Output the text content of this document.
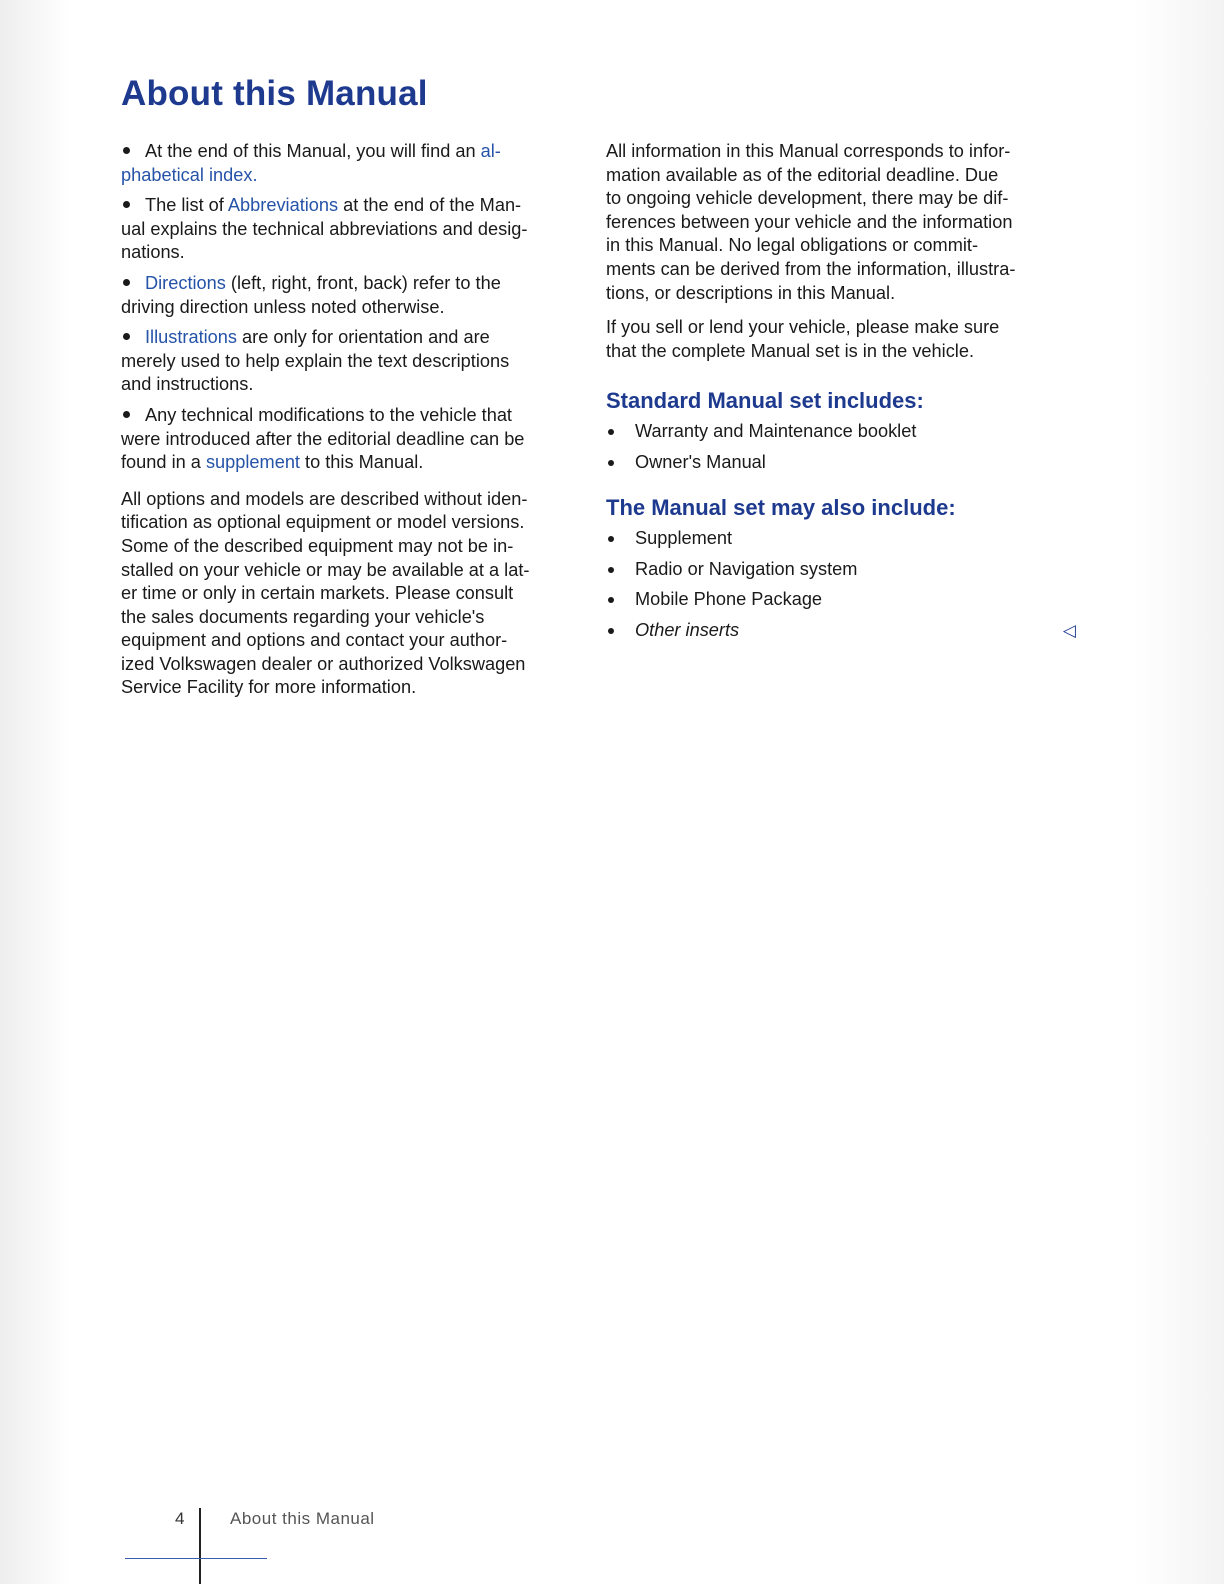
About this Manual

At the end of this Manual, you will find an al-
phabetical index.

The list of Abbreviations at the end of the Man-
ual explains the technical abbreviations and desig-
nations.

Directions (left, right, front, back) refer to the
driving direction unless noted otherwise.

Illustrations are only for orientation and are
merely used to help explain the text descriptions
and instructions.

Any technical modifications to the vehicle that
were introduced after the editorial deadline can be
found in a supplement to this Manual.

All options and models are described without iden-
tification as optional equipment or model versions.
Some of the described equipment may not be in-
stalled on your vehicle or may be available at a lat-
er time or only in certain markets. Please consult
the sales documents regarding your vehicle's
equipment and options and contact your author-
ized Volkswagen dealer or authorized Volkswagen
Service Facility for more information.

All information in this Manual corresponds to infor-
mation available as of the editorial deadline. Due
to ongoing vehicle development, there may be dif-
ferences between your vehicle and the information
in this Manual. No legal obligations or commit-
ments can be derived from the information, illustra-
tions, or descriptions in this Manual.

If you sell or lend your vehicle, please make sure
that the complete Manual set is in the vehicle.

Standard Manual set includes:
Warranty and Maintenance booklet
Owner's Manual
The Manual set may also include:
Supplement
Radio or Navigation system
Mobile Phone Package
Other inserts	◁
4	About this Manual
